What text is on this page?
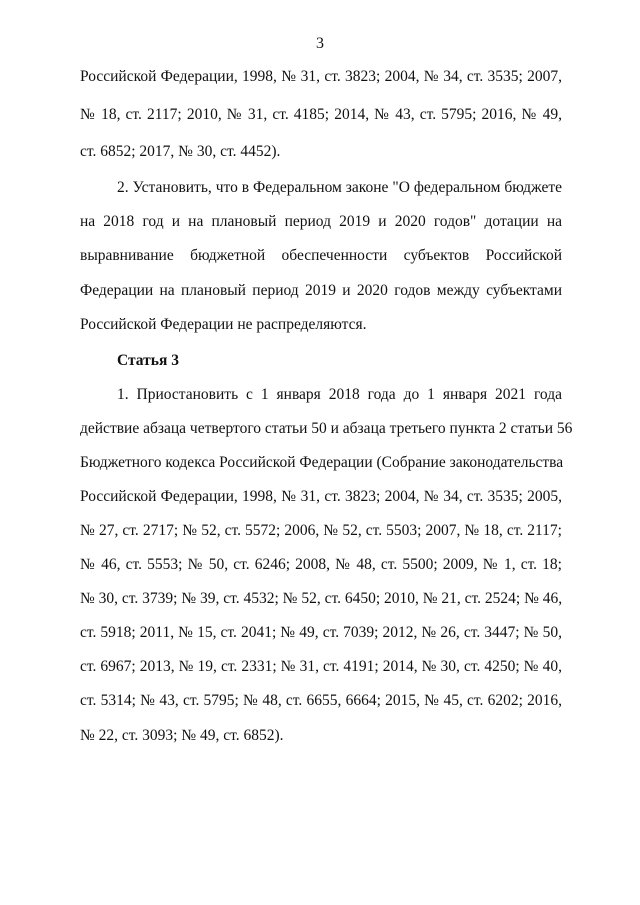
3
Российской Федерации, 1998, № 31, ст. 3823; 2004, № 34, ст. 3535; 2007,
№ 18, ст. 2117; 2010, № 31, ст. 4185; 2014, № 43, ст. 5795; 2016, № 49,
ст. 6852; 2017, № 30, ст. 4452).
2. Установить, что в Федеральном законе "О федеральном бюджете
на 2018 год и на плановый период 2019 и 2020 годов" дотации на
выравнивание бюджетной обеспеченности субъектов Российской
Федерации на плановый период 2019 и 2020 годов между субъектами
Российской Федерации не распределяются.
Статья 3
1. Приостановить с 1 января 2018 года до 1 января 2021 года
действие абзаца четвертого статьи 50 и абзаца третьего пункта 2 статьи 56
Бюджетного кодекса Российской Федерации (Собрание законодательства
Российской Федерации, 1998, № 31, ст. 3823; 2004, № 34, ст. 3535; 2005,
№ 27, ст. 2717; № 52, ст. 5572; 2006, № 52, ст. 5503; 2007, № 18, ст. 2117;
№ 46, ст. 5553; № 50, ст. 6246; 2008, № 48, ст. 5500; 2009, № 1, ст. 18;
№ 30, ст. 3739; № 39, ст. 4532; № 52, ст. 6450; 2010, № 21, ст. 2524; № 46,
ст. 5918; 2011, № 15, ст. 2041; № 49, ст. 7039; 2012, № 26, ст. 3447; № 50,
ст. 6967; 2013, № 19, ст. 2331; № 31, ст. 4191; 2014, № 30, ст. 4250; № 40,
ст. 5314; № 43, ст. 5795; № 48, ст. 6655, 6664; 2015, № 45, ст. 6202; 2016,
№ 22, ст. 3093; № 49, ст. 6852).
